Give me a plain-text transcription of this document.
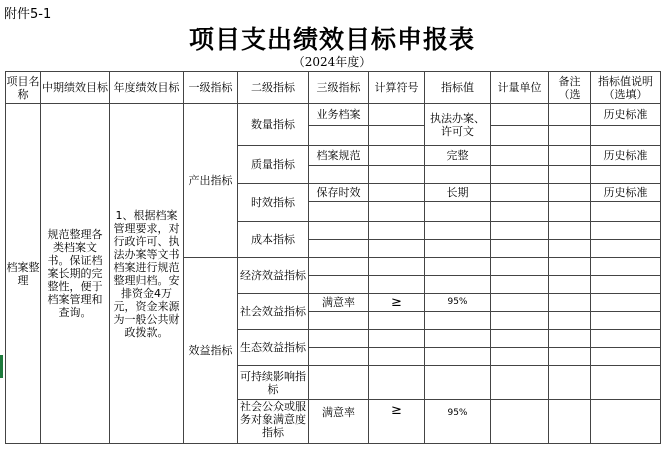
附件5-1
项目支出绩效目标申报表
（2024年度）
项目名称	中期绩效目标	年度绩效目标	一级指标	二级指标	三级指标	计算符号	指标值	计量单位	备注（选	指标值说明（选填）
档案整理	规范整理各类档案文书。保证档案长期的完整性，便于档案管理和查询。	1、根据档案管理要求，对行政许可、执法办案等文书档案进行规范整理归档。安排资金4万元，资金来源为一般公共财政拨款。	产出指标	数量指标	业务档案		执法办案、许可文			历史标准

				质量指标	档案规范		完整			历史标准

				时效指标	保存时效		长期			历史标准

				成本指标						

			效益指标	经济效益指标						

				社会效益指标	满意率	≥	95%			

				生态效益指标						

				可持续影响指标						
				社会公众或服务对象满意度指标	满意率	≥	95%			
